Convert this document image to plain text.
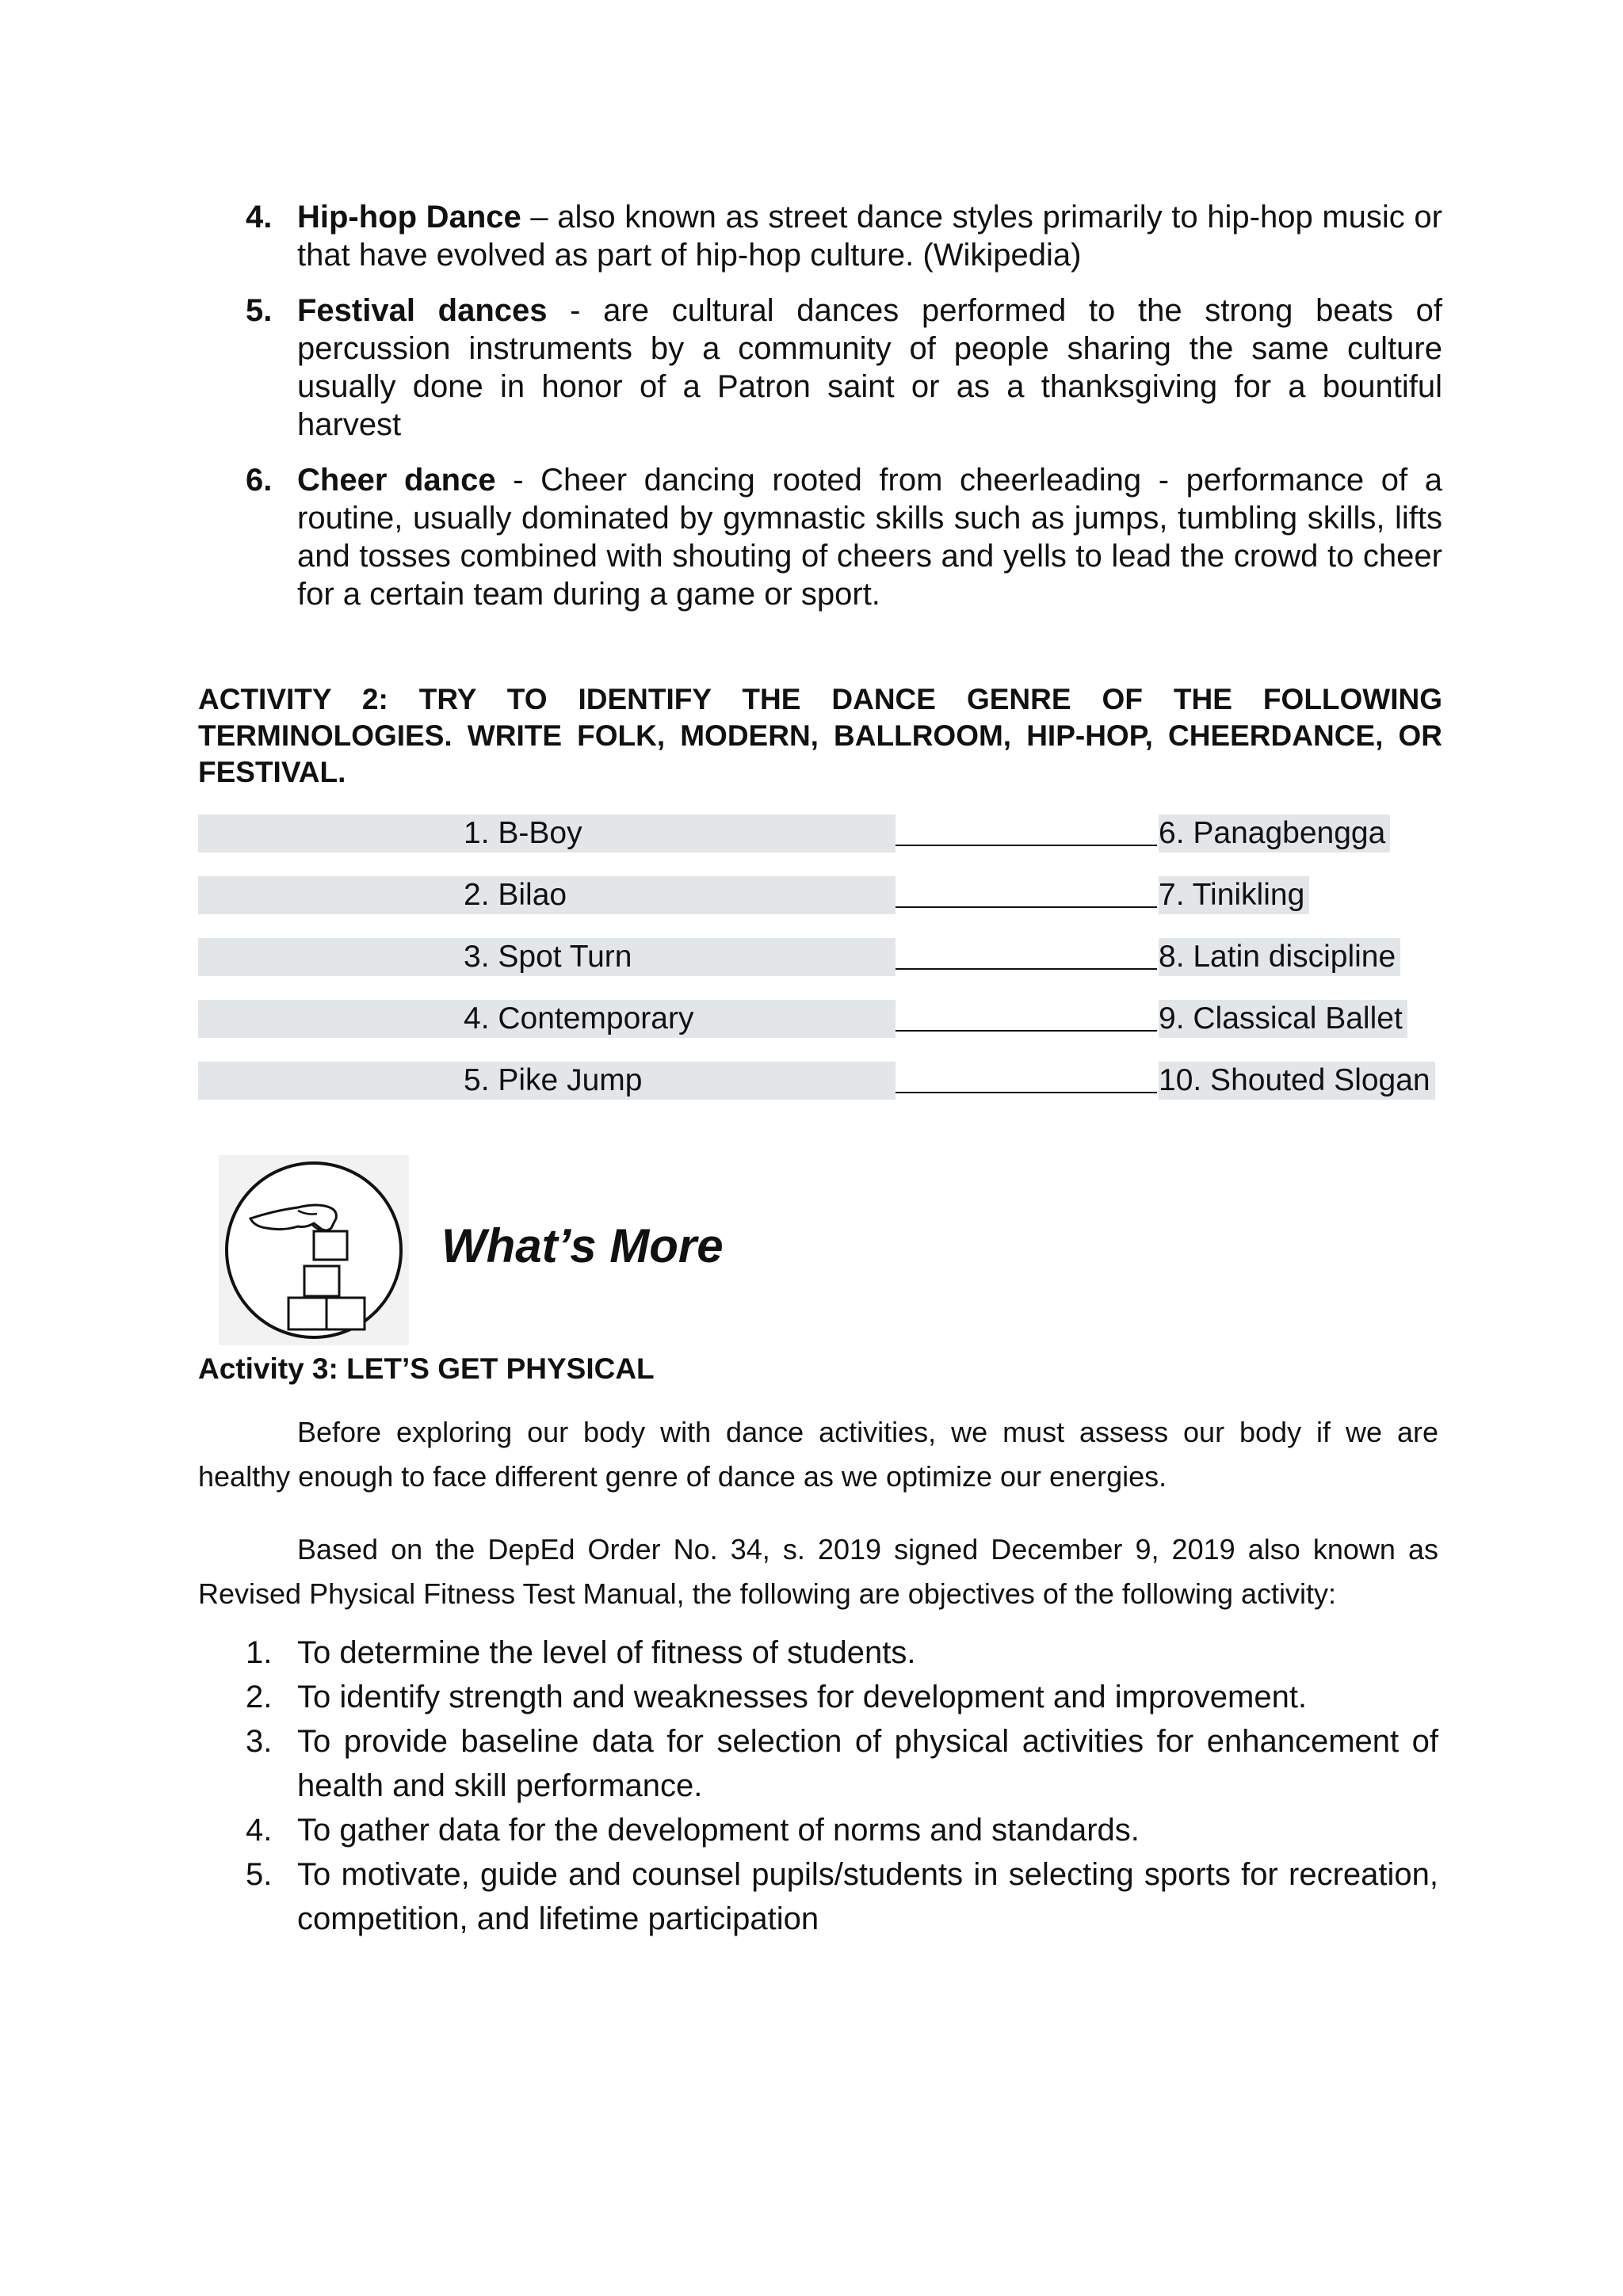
4. Hip-hop Dance – also known as street dance styles primarily to hip-hop music or that have evolved as part of hip-hop culture. (Wikipedia)
5. Festival dances - are cultural dances performed to the strong beats of percussion instruments by a community of people sharing the same culture usually done in honor of a Patron saint or as a thanksgiving for a bountiful harvest
6. Cheer dance - Cheer dancing rooted from cheerleading - performance of a routine, usually dominated by gymnastic skills such as jumps, tumbling skills, lifts and tosses combined with shouting of cheers and yells to lead the crowd to cheer for a certain team during a game or sport.

ACTIVITY 2: TRY TO IDENTIFY THE DANCE GENRE OF THE FOLLOWING TERMINOLOGIES. WRITE FOLK, MODERN, BALLROOM, HIP-HOP, CHEERDANCE, OR FESTIVAL.

1. B-Boy	6. Panagbengga
2. Bilao	7. Tinikling
3. Spot Turn	8. Latin discipline
4. Contemporary	9. Classical Ballet
5. Pike Jump	10. Shouted Slogan
What’s More
Activity 3: LET’S GET PHYSICAL

Before exploring our body with dance activities, we must assess our body if we are healthy enough to face different genre of dance as we optimize our energies.

Based on the DepEd Order No. 34, s. 2019 signed December 9, 2019 also known as Revised Physical Fitness Test Manual, the following are objectives of the following activity:

1. To determine the level of fitness of students.
2. To identify strength and weaknesses for development and improvement.
3. To provide baseline data for selection of physical activities for enhancement of health and skill performance.
4. To gather data for the development of norms and standards.
5. To motivate, guide and counsel pupils/students in selecting sports for recreation, competition, and lifetime participation
